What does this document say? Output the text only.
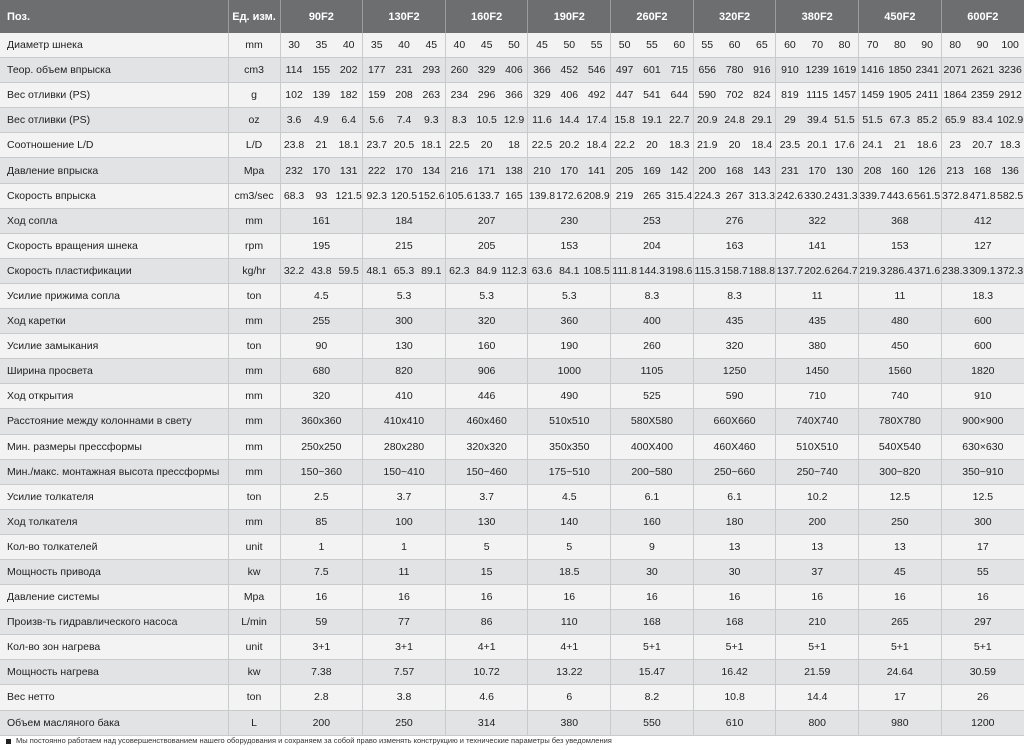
Поз.	Ед. изм.	90F2			130F2			160F2			190F2			260F2			320F2			380F2			450F2			600F2		
Диаметр шнека	mm	30	35	40	35	40	45	40	45	50	45	50	55	50	55	60	55	60	65	60	70	80	70	80	90	80	90	100
Теор. объем впрыска	cm3	114	155	202	177	231	293	260	329	406	366	452	546	497	601	715	656	780	916	910	1239	1619	1416	1850	2341	2071	2621	3236
Вес отливки (PS)	g	102	139	182	159	208	263	234	296	366	329	406	492	447	541	644	590	702	824	819	1115	1457	1459	1905	2411	1864	2359	2912
Вес отливки (PS)	oz	3.6	4.9	6.4	5.6	7.4	9.3	8.3	10.5	12.9	11.6	14.4	17.4	15.8	19.1	22.7	20.9	24.8	29.1	29	39.4	51.5	51.5	67.3	85.2	65.9	83.4	102.9
Соотношение L/D	L/D	23.8	21	18.1	23.7	20.5	18.1	22.5	20	18	22.5	20.2	18.4	22.2	20	18.3	21.9	20	18.4	23.5	20.1	17.6	24.1	21	18.6	23	20.7	18.3
Давление впрыска	Mpa	232	170	131	222	170	134	216	171	138	210	170	141	205	169	142	200	168	143	231	170	130	208	160	126	213	168	136
Скорость впрыска	cm3/sec	68.3	93	121.5	92.3	120.5	152.6	105.6	133.7	165	139.8	172.6	208.9	219	265	315.4	224.3	267	313.3	242.6	330.2	431.3	339.7	443.6	561.5	372.8	471.8	582.5
Ход сопла	mm	161			184			207			230			253			276			322			368			412		
Скорость вращения шнека	rpm	195			215			205			153			204			163			141			153			127		
Скорость пластификации	kg/hr	32.2	43.8	59.5	48.1	65.3	89.1	62.3	84.9	112.3	63.6	84.1	108.5	111.8	144.3	198.6	115.3	158.7	188.8	137.7	202.6	264.7	219.3	286.4	371.6	238.3	309.1	372.3
Усилие прижима сопла	ton	4.5			5.3			5.3			5.3			8.3			8.3			11			11			18.3		
Ход каретки	mm	255			300			320			360			400			435			435			480			600		
Усилие замыкания	ton	90			130			160			190			260			320			380			450			600		
Ширина просвета	mm	680			820			906			1000			1105			1250			1450			1560			1820		
Ход открытия	mm	320			410			446			490			525			590			710			740			910		
Расстояние между колоннами в свету	mm	360x360			410x410			460x460			510x510			580X580			660X660			740X740			780X780			900×900		
Мин. размеры прессформы	mm	250x250			280x280			320x320			350x350			400X400			460X460			510X510			540X540			630×630		
Мин./макс. монтажная высота прессформы	mm	150~360			150~410			150~460			175~510			200~580			250~660			250~740			300~820			350~910		
Усилие толкателя	ton	2.5			3.7			3.7			4.5			6.1			6.1			10.2			12.5			12.5		
Ход толкателя	mm	85			100			130			140			160			180			200			250			300		
Кол-во толкателей	unit	1			1			5			5			9			13			13			13			17		
Мощность привода	kw	7.5			11			15			18.5			30			30			37			45			55		
Давление системы	Mpa	16			16			16			16			16			16			16			16			16		
Произв-ть гидравлического насоса	L/min	59			77			86			110			168			168			210			265			297		
Кол-во зон нагрева	unit	3+1			3+1			4+1			4+1			5+1			5+1			5+1			5+1			5+1		
Мощность нагрева	kw	7.38			7.57			10.72			13.22			15.47			16.42			21.59			24.64			30.59		
Вес нетто	ton	2.8			3.8			4.6			6			8.2			10.8			14.4			17			26		
Объем масляного бака	L	200			250			314			380			550			610			800			980			1200		
Мы постоянно работаем над усовершенствованием нашего оборудования и сохраняем за собой право изменять конструкцию и технические параметры без уведомления
